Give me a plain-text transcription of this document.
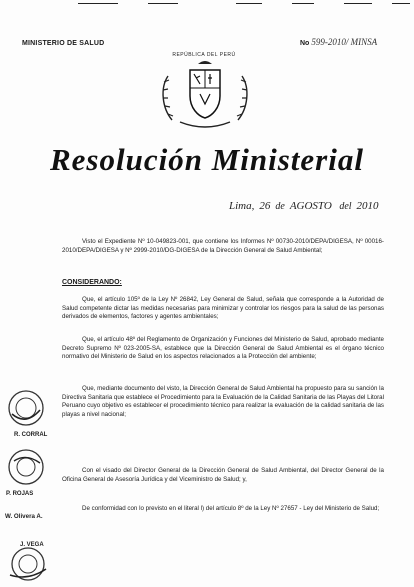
MINISTERIO DE SALUD	No 599-2010/ MINSA
REPÚBLICA DEL PERÚ
Resolución Ministerial
Lima, 26 de AGOSTO del 2010
Visto el Expediente Nº 10-049823-001, que contiene los Informes Nº 00730-2010/DEPA/DIGESA, Nº 00016-2010/DEPA/DIGESA y Nº 2999-2010/DG-DIGESA de la Dirección General de Salud Ambiental;
CONSIDERANDO:
Que, el artículo 105º de la Ley Nº 26842, Ley General de Salud, señala que corresponde a la Autoridad de Salud competente dictar las medidas necesarias para minimizar y controlar los riesgos para la salud de las personas derivados de elementos, factores y agentes ambientales;
Que, el artículo 48º del Reglamento de Organización y Funciones del Ministerio de Salud, aprobado mediante Decreto Supremo Nº 023-2005-SA, establece que la Dirección General de Salud Ambiental es el órgano técnico normativo del Ministerio de Salud en los aspectos relacionados a la Protección del ambiente;
Que, mediante documento del visto, la Dirección General de Salud Ambiental ha propuesto para su sanción la Directiva Sanitaria que establece el Procedimiento para la Evaluación de la Calidad Sanitaria de las Playas del Litoral Peruano cuyo objetivo es establecer el procedimiento técnico para realizar la evaluación de la calidad sanitaria de las playas a nivel nacional;
Con el visado del Director General de la Dirección General de Salud Ambiental, del Director General de la Oficina General de Asesoría Jurídica y del Viceministro de Salud; y,
De conformidad con lo previsto en el literal l) del artículo 8º de la Ley Nº 27657 - Ley del Ministerio de Salud;
R. CORRAL
P. ROJAS
W. Olivera A.
J. VEGA
